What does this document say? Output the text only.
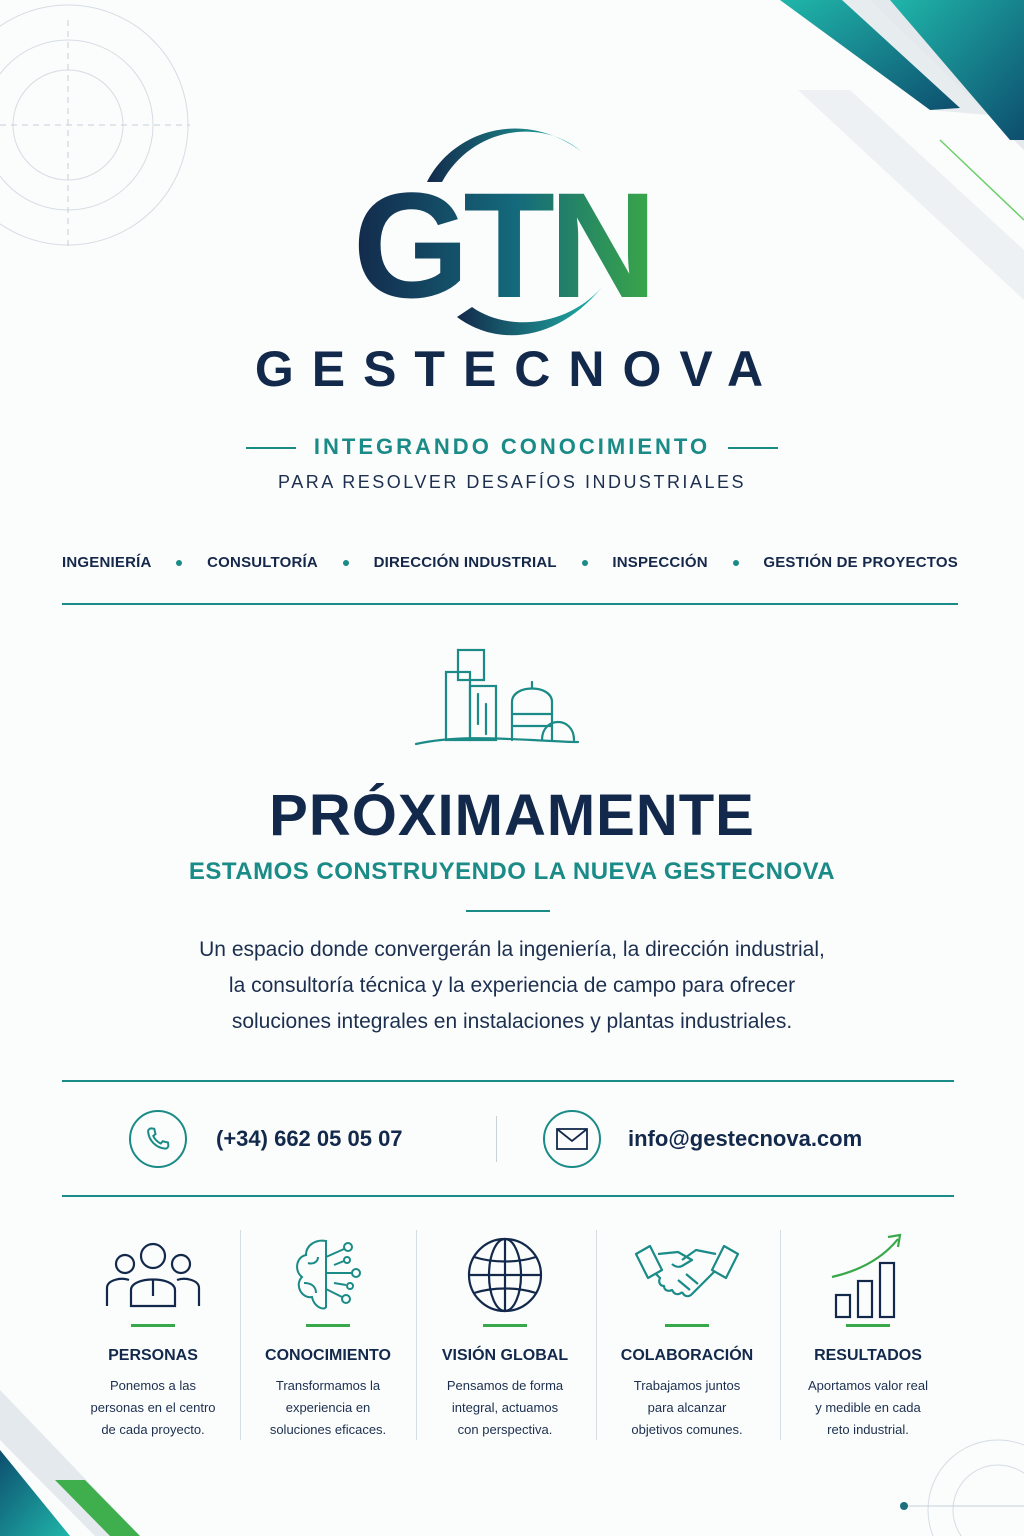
GTN
GESTECNOVA
INTEGRANDO CONOCIMIENTO
PARA RESOLVER DESAFÍOS INDUSTRIALES
INGENIERÍA	CONSULTORÍA	DIRECCIÓN INDUSTRIAL	INSPECCIÓN	GESTIÓN DE PROYECTOS
PRÓXIMAMENTE
ESTAMOS CONSTRUYENDO LA NUEVA GESTECNOVA
Un espacio donde convergerán la ingeniería, la dirección industrial,
la consultoría técnica y la experiencia de campo para ofrecer
soluciones integrales en instalaciones y plantas industriales.
(+34) 662 05 05 07	info@gestecnova.com
PERSONAS
Ponemos a las
personas en el centro
de cada proyecto.
CONOCIMIENTO
Transformamos la
experiencia en
soluciones eficaces.
VISIÓN GLOBAL
Pensamos de forma
integral, actuamos
con perspectiva.
COLABORACIÓN
Trabajamos juntos
para alcanzar
objetivos comunes.
RESULTADOS
Aportamos valor real
y medible en cada
reto industrial.
